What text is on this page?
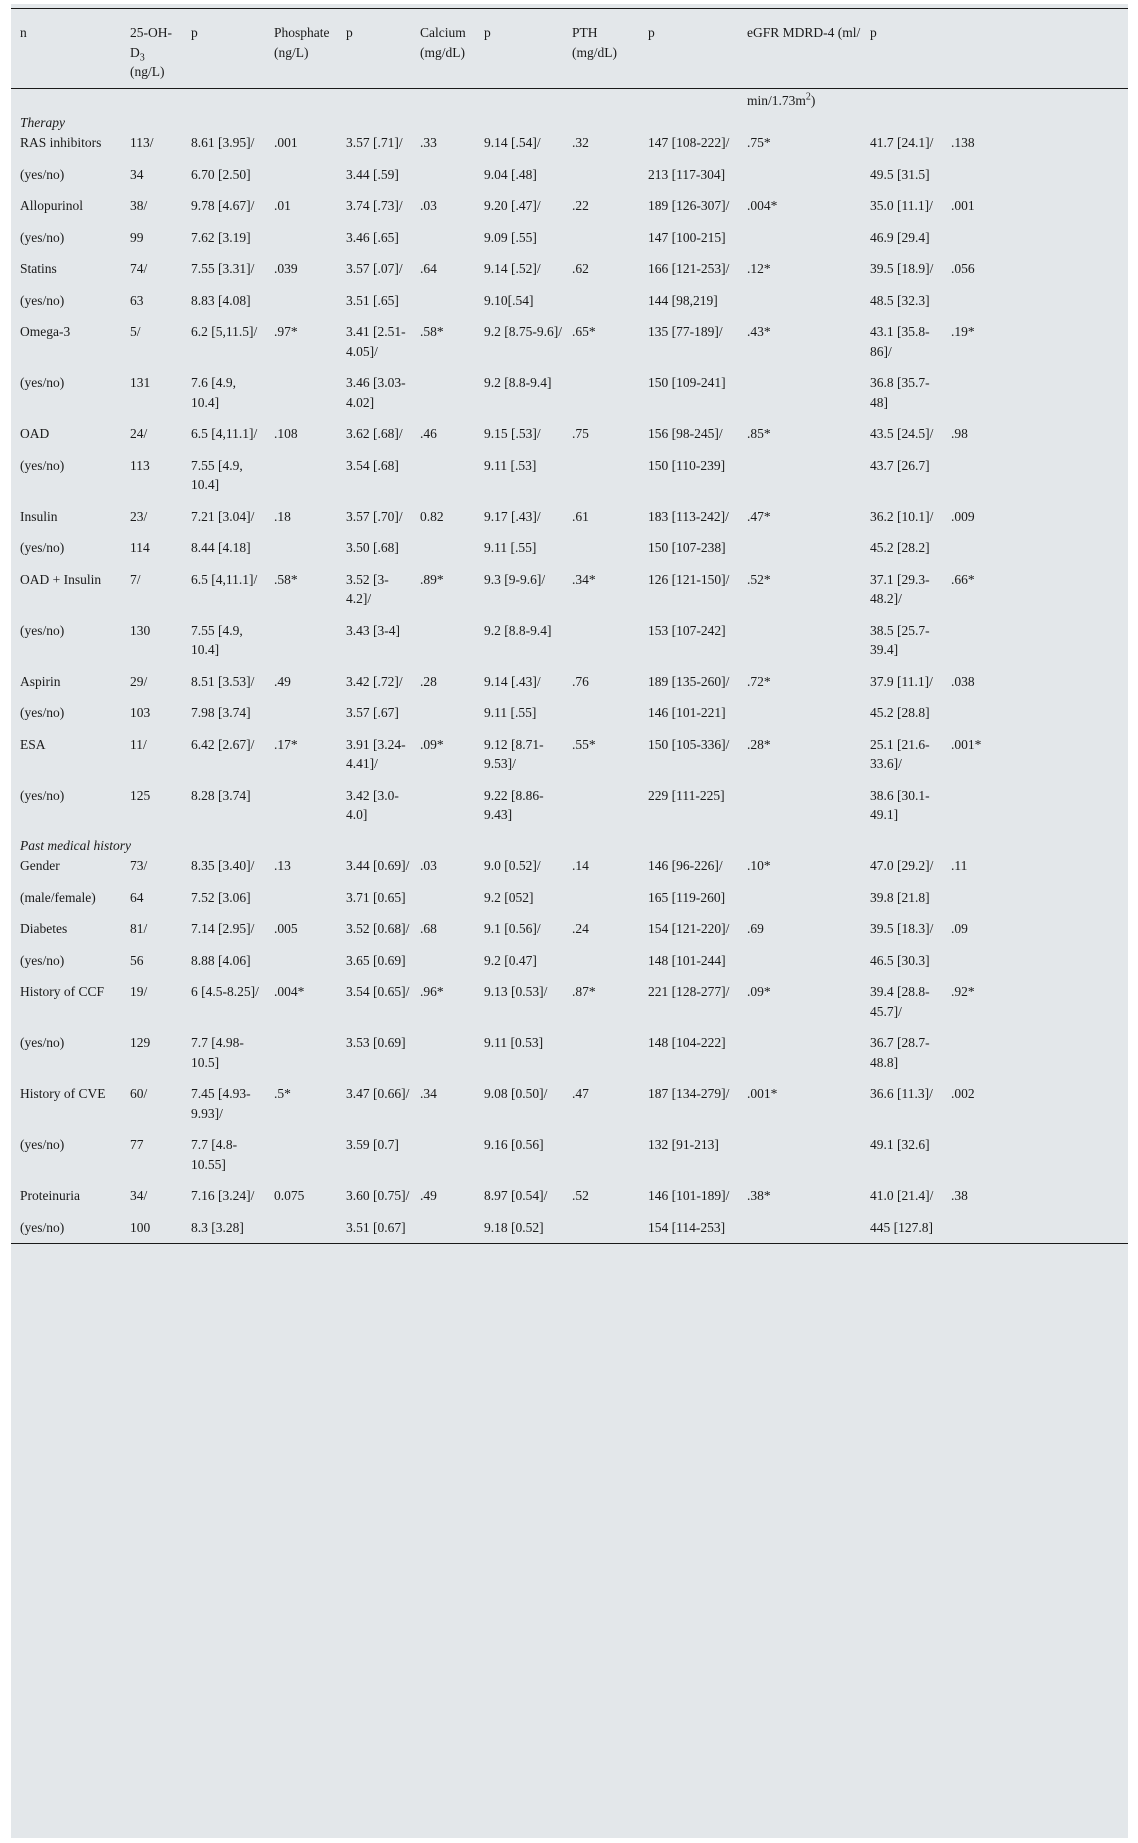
n	$25-OH-D_3$ (ng/L)	p	Phosphate (ng/L)	p	Calcium (mg/dL)	p	PTH (mg/dL)	p	eGFR MDRD-4 (ml/	p	
									$\min/1.73m^2$)		
Therapy											
RAS inhibitors	113/	8.61 [3.95]/	.001	3.57 [.71]/	.33	9.14 [.54]/	.32	147 [108-222]/	.75*	41.7 [24.1]/	.138
(yes/no)	34	6.70 [2.50]		3.44 [.59]		9.04 [.48]		213 [117-304]		49.5 [31.5]	
Allopurinol	38/	9.78 [4.67]/	.01	3.74 [.73]/	.03	9.20 [.47]/	.22	189 [126-307]/	.004*	35.0 [11.1]/	.001
(yes/no)	99	7.62 [3.19]		3.46 [.65]		9.09 [.55]		147 [100-215]		46.9 [29.4]	
Statins	74/	7.55 [3.31]/	.039	3.57 [.07]/	.64	9.14 [.52]/	.62	166 [121-253]/	.12*	39.5 [18.9]/	.056
(yes/no)	63	8.83 [4.08]		3.51 [.65]		9.10[.54]		144 [98,219]		48.5 [32.3]	
Omega-3	5/	6.2 [5,11.5]/	.97*	3.41 [2.51-4.05]/	.58*	9.2 [8.75-9.6]/	.65*	135 [77-189]/	.43*	43.1 [35.8-86]/	.19*
(yes/no)	131	7.6 [4.9, 10.4]		3.46 [3.03-4.02]		9.2 [8.8-9.4]		150 [109-241]		36.8 [35.7-48]	
OAD	24/	6.5 [4,11.1]/	.108	3.62 [.68]/	.46	9.15 [.53]/	.75	156 [98-245]/	.85*	43.5 [24.5]/	.98
(yes/no)	113	7.55 [4.9, 10.4]		3.54 [.68]		9.11 [.53]		150 [110-239]		43.7 [26.7]	
Insulin	23/	7.21 [3.04]/	.18	3.57 [.70]/	0.82	9.17 [.43]/	.61	183 [113-242]/	.47*	36.2 [10.1]/	.009
(yes/no)	114	8.44 [4.18]		3.50 [.68]		9.11 [.55]		150 [107-238]		45.2 [28.2]	
OAD + Insulin	7/	6.5 [4,11.1]/	.58*	3.52 [3-4.2]/	.89*	9.3 [9-9.6]/	.34*	126 [121-150]/	.52*	37.1 [29.3-48.2]/	.66*
(yes/no)	130	7.55 [4.9, 10.4]		3.43 [3-4]		9.2 [8.8-9.4]		153 [107-242]		38.5 [25.7-39.4]	
Aspirin	29/	8.51 [3.53]/	.49	3.42 [.72]/	.28	9.14 [.43]/	.76	189 [135-260]/	.72*	37.9 [11.1]/	.038
(yes/no)	103	7.98 [3.74]		3.57 [.67]		9.11 [.55]		146 [101-221]		45.2 [28.8]	
ESA	11/	6.42 [2.67]/	.17*	3.91 [3.24-4.41]/	.09*	9.12 [8.71-9.53]/	.55*	150 [105-336]/	.28*	25.1 [21.6-33.6]/	.001*
(yes/no)	125	8.28 [3.74]		3.42 [3.0-4.0]		9.22 [8.86-9.43]		229 [111-225]		38.6 [30.1-49.1]	
Past medical history											
Gender	73/	8.35 [3.40]/	.13	3.44 [0.69]/	.03	9.0 [0.52]/	.14	146 [96-226]/	.10*	47.0 [29.2]/	.11
(male/female)	64	7.52 [3.06]		3.71 [0.65]		9.2 [052]		165 [119-260]		39.8 [21.8]	
Diabetes	81/	7.14 [2.95]/	.005	3.52 [0.68]/	.68	9.1 [0.56]/	.24	154 [121-220]/	.69	39.5 [18.3]/	.09
(yes/no)	56	8.88 [4.06]		3.65 [0.69]		9.2 [0.47]		148 [101-244]		46.5 [30.3]	
History of CCF	19/	6 [4.5-8.25]/	.004*	3.54 [0.65]/	.96*	9.13 [0.53]/	.87*	221 [128-277]/	.09*	39.4 [28.8-45.7]/	.92*
(yes/no)	129	7.7 [4.98-10.5]		3.53 [0.69]		9.11 [0.53]		148 [104-222]		36.7 [28.7-48.8]	
History of CVE	60/	7.45 [4.93-9.93]/	.5*	3.47 [0.66]/	.34	9.08 [0.50]/	.47	187 [134-279]/	.001*	36.6 [11.3]/	.002
(yes/no)	77	7.7 [4.8-10.55]		3.59 [0.7]		9.16 [0.56]		132 [91-213]		49.1 [32.6]	
Proteinuria	34/	7.16 [3.24]/	0.075	3.60 [0.75]/	.49	8.97 [0.54]/	.52	146 [101-189]/	.38*	41.0 [21.4]/	.38
(yes/no)	100	8.3 [3.28]		3.51 [0.67]		9.18 [0.52]		154 [114-253]		445 [127.8]	
